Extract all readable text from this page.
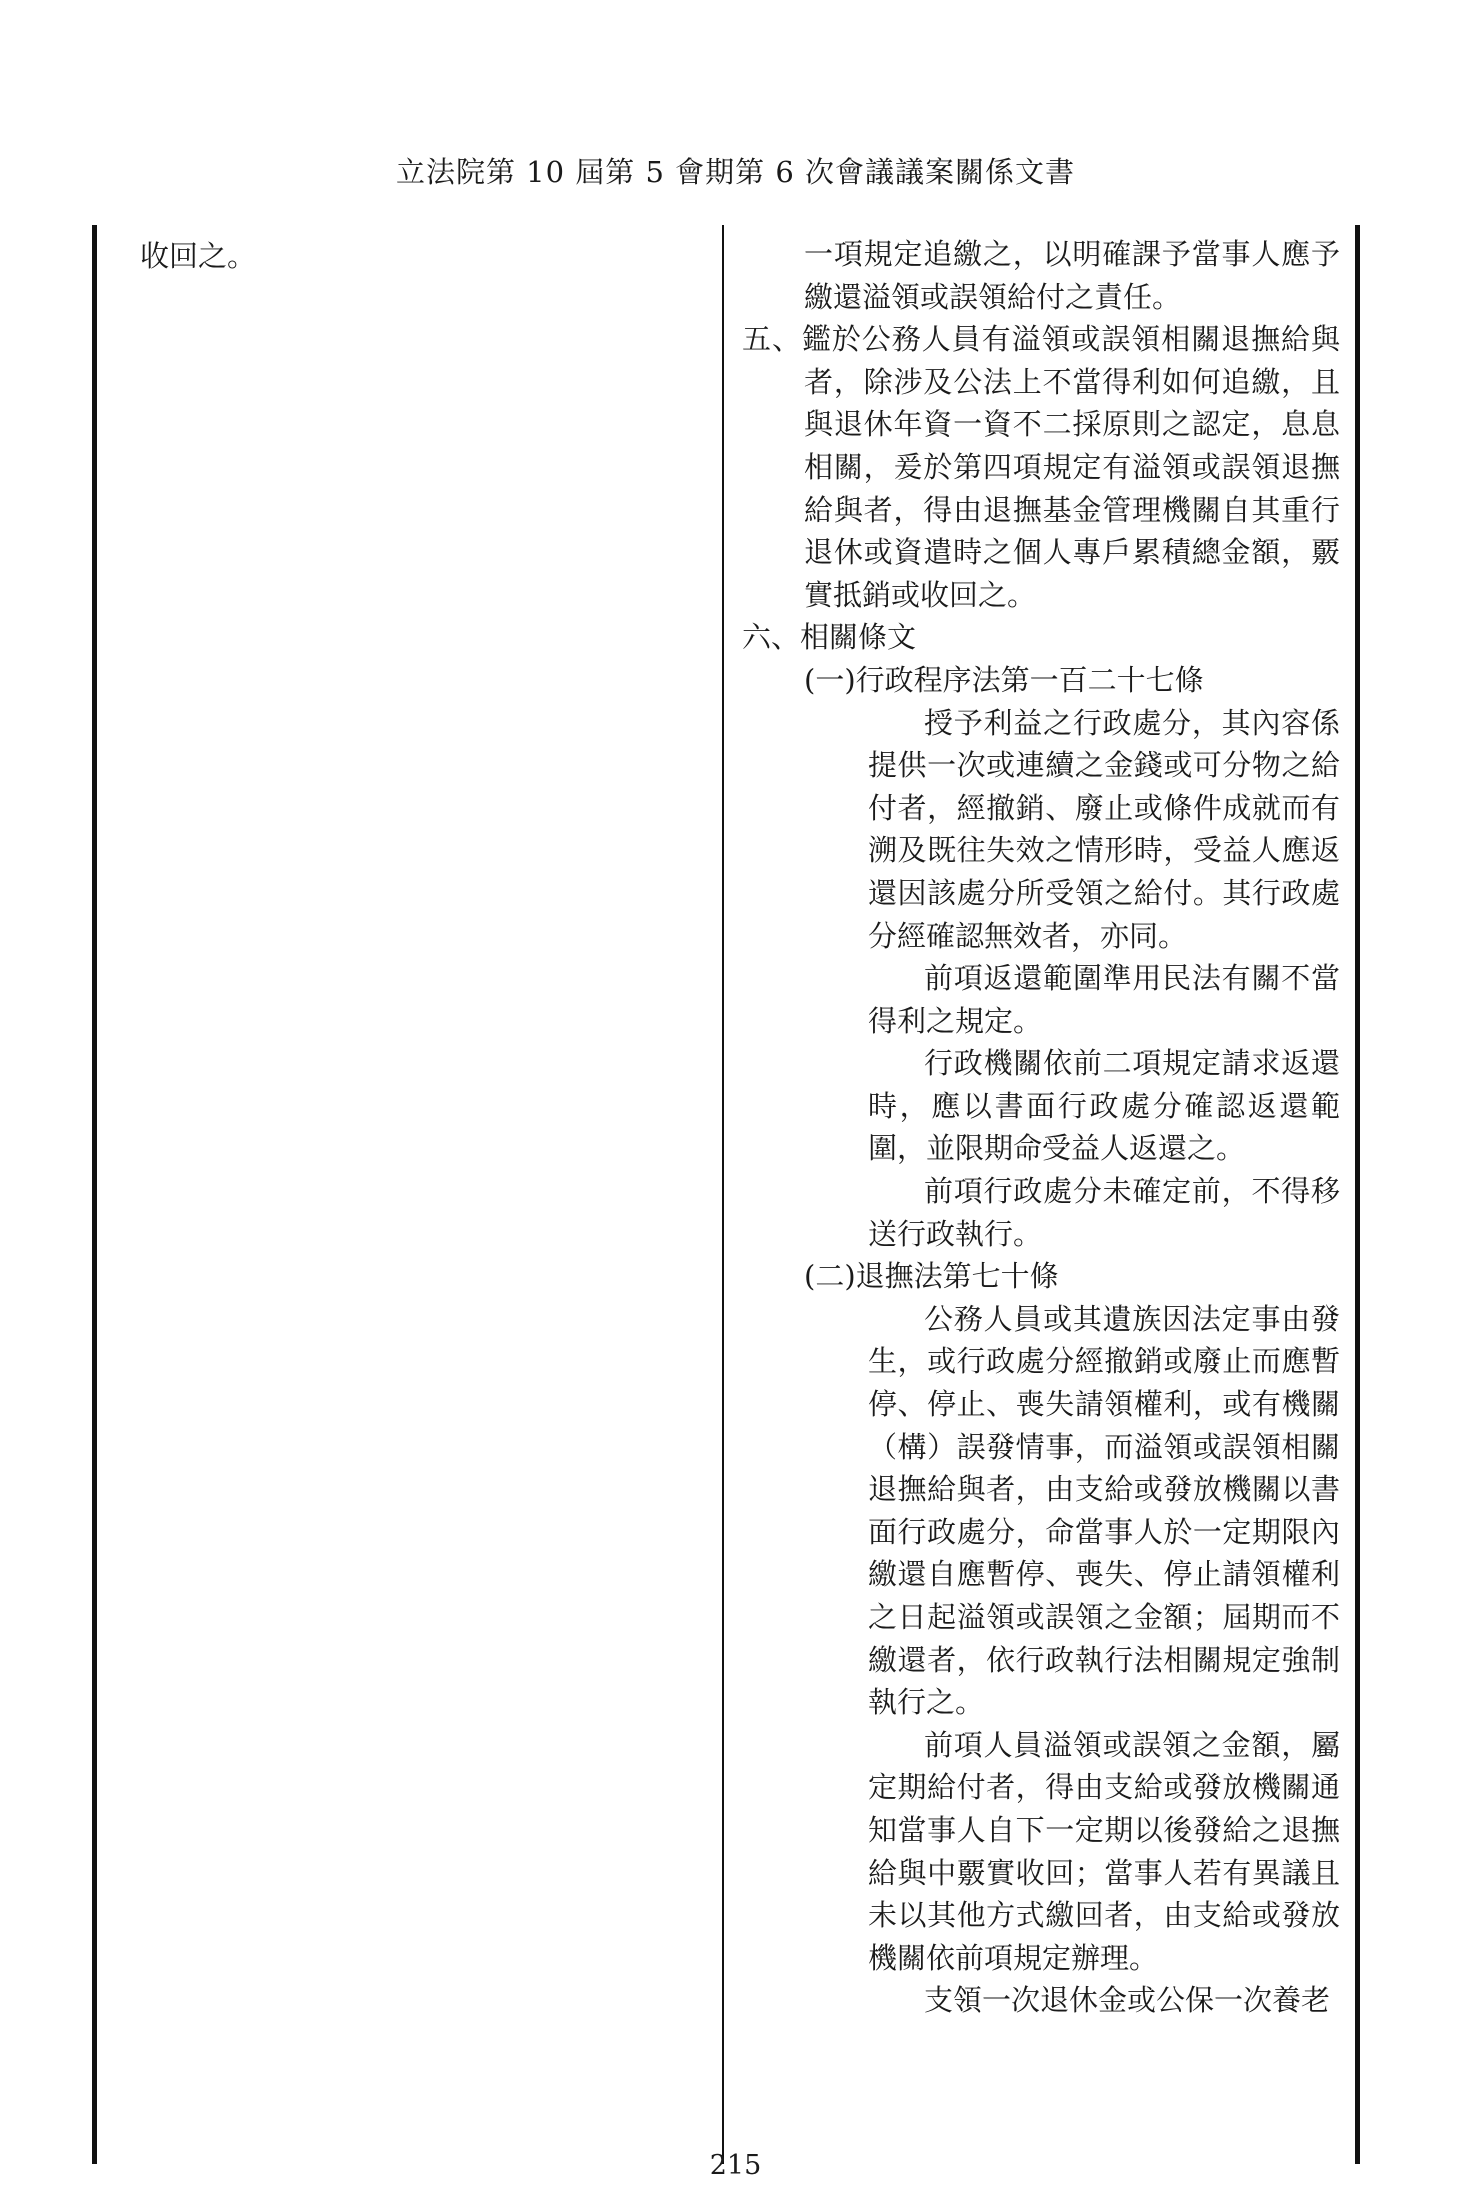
立法院第 10 屆第 5 會期第 6 次會議議案關係文書

收回之。	一項規定追繳之，以明確課予當事人應予繳還溢領或誤領給付之責任。

五、鑑於公務人員有溢領或誤領相關退撫給與者，除涉及公法上不當得利如何追繳，且與退休年資一資不二採原則之認定，息息相關，爰於第四項規定有溢領或誤領退撫給與者，得由退撫基金管理機關自其重行退休或資遣時之個人專戶累積總金額，覈實抵銷或收回之。

六、相關條文

(一)行政程序法第一百二十七條

授予利益之行政處分，其內容係提供一次或連續之金錢或可分物之給付者，經撤銷、廢止或條件成就而有溯及既往失效之情形時，受益人應返還因該處分所受領之給付。其行政處分經確認無效者，亦同。

前項返還範圍準用民法有關不當得利之規定。

行政機關依前二項規定請求返還時，應以書面行政處分確認返還範圍，並限期命受益人返還之。

前項行政處分未確定前，不得移送行政執行。

(二)退撫法第七十條

公務人員或其遺族因法定事由發生，或行政處分經撤銷或廢止而應暫停、停止、喪失請領權利，或有機關（構）誤發情事，而溢領或誤領相關退撫給與者，由支給或發放機關以書面行政處分，命當事人於一定期限內繳還自應暫停、喪失、停止請領權利之日起溢領或誤領之金額；屆期而不繳還者，依行政執行法相關規定強制執行之。

前項人員溢領或誤領之金額，屬定期給付者，得由支給或發放機關通知當事人自下一定期以後發給之退撫給與中覈實收回；當事人若有異議且未以其他方式繳回者，由支給或發放機關依前項規定辦理。

支領一次退休金或公保一次養老

215
